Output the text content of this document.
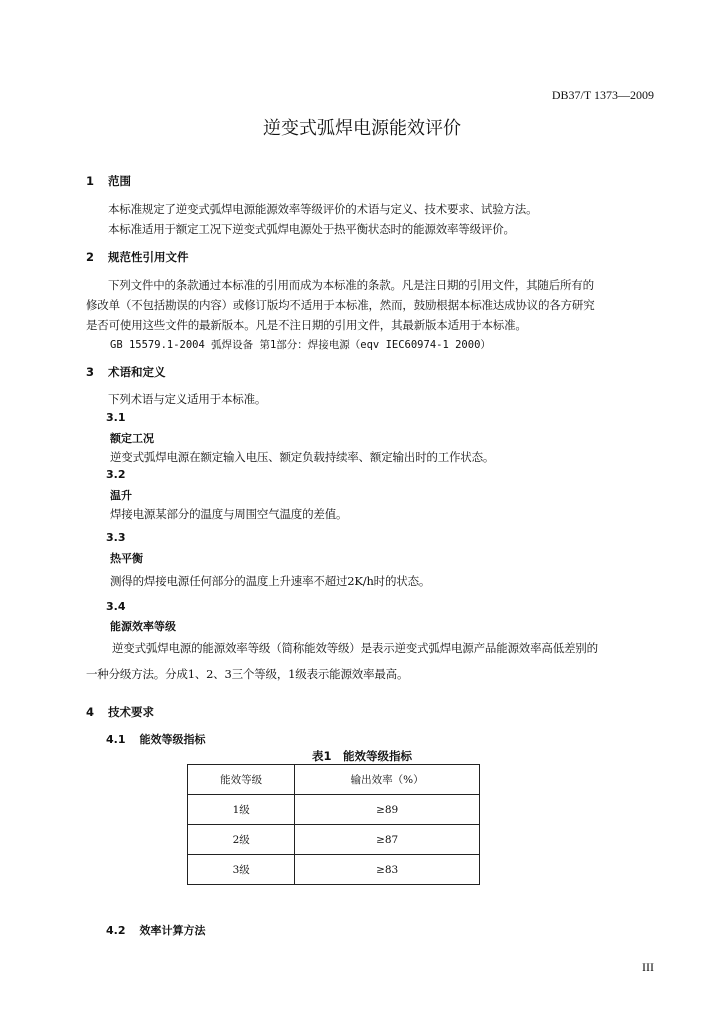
DB37/T 1373—2009
逆变式弧焊电源能效评价
1 范围
本标准规定了逆变式弧焊电源能源效率等级评价的术语与定义、技术要求、试验方法。
本标准适用于额定工况下逆变式弧焊电源处于热平衡状态时的能源效率等级评价。
2 规范性引用文件
下列文件中的条款通过本标准的引用而成为本标准的条款。凡是注日期的引用文件，其随后所有的
修改单（不包括勘误的内容）或修订版均不适用于本标准，然而，鼓励根据本标准达成协议的各方研究
是否可使用这些文件的最新版本。凡是不注日期的引用文件，其最新版本适用于本标准。
GB 15579.1-2004 弧焊设备 第1部分：焊接电源（eqv IEC60974-1 2000）
3 术语和定义
下列术语与定义适用于本标准。
3.1
额定工况
逆变式弧焊电源在额定输入电压、额定负载持续率、额定输出时的工作状态。
3.2
温升
焊接电源某部分的温度与周围空气温度的差值。
3.3
热平衡
测得的焊接电源任何部分的温度上升速率不超过2K/h时的状态。
3.4
能源效率等级
逆变式弧焊电源的能源效率等级（简称能效等级）是表示逆变式弧焊电源产品能源效率高低差别的
一种分级方法。分成1、2、3三个等级，1级表示能源效率最高。
4 技术要求
4.1 能效等级指标
表1　能效等级指标
能效等级	输出效率（%）
1级	≥89
2级	≥87
3级	≥83
4.2 效率计算方法
III
